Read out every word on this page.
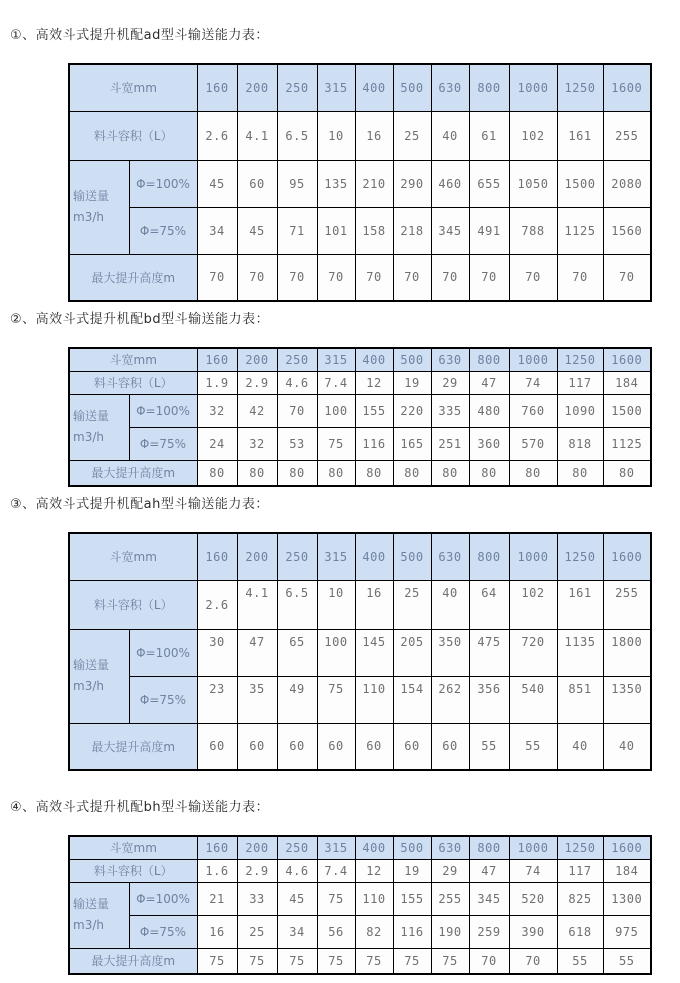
①、高效斗式提升机配ad型斗输送能力表：
斗宽mm		160	200	250	315	400	500	630	800	1000	1250	1600
料斗容积（L）		2.6	4.1	6.5	10	16	25	40	61	102	161	255

输送量
m3/h	Φ=100%	45	60	95	135	210	290	460	655	1050	1500	2080
	Φ=75%	34	45	71	101	158	218	345	491	788	1125	1560
最大提升高度m		70	70	70	70	70	70	70	70	70	70	70
②、高效斗式提升机配bd型斗输送能力表：
斗宽mm		160	200	250	315	400	500	630	800	1000	1250	1600
料斗容积（L）		1.9	2.9	4.6	7.4	12	19	29	47	74	117	184

输送量
m3/h	Φ=100%	32	42	70	100	155	220	335	480	760	1090	1500
	Φ=75%	24	32	53	75	116	165	251	360	570	818	1125
最大提升高度m		80	80	80	80	80	80	80	80	80	80	80
③、高效斗式提升机配ah型斗输送能力表：
斗宽mm		160	200	250	315	400	500	630	800	1000	1250	1600
料斗容积（L）		2.6	4.1	6.5	10	16	25	40	64	102	161	255

输送量
m3/h	Φ=100%	30	47	65	100	145	205	350	475	720	1135	1800
	Φ=75%	23	35	49	75	110	154	262	356	540	851	1350
最大提升高度m		60	60	60	60	60	60	60	55	55	40	40
④、高效斗式提升机配bh型斗输送能力表：
斗宽mm		160	200	250	315	400	500	630	800	1000	1250	1600
料斗容积（L）		1.6	2.9	4.6	7.4	12	19	29	47	74	117	184

输送量
m3/h	Φ=100%	21	33	45	75	110	155	255	345	520	825	1300
	Φ=75%	16	25	34	56	82	116	190	259	390	618	975
最大提升高度m		75	75	75	75	75	75	75	70	70	55	55
